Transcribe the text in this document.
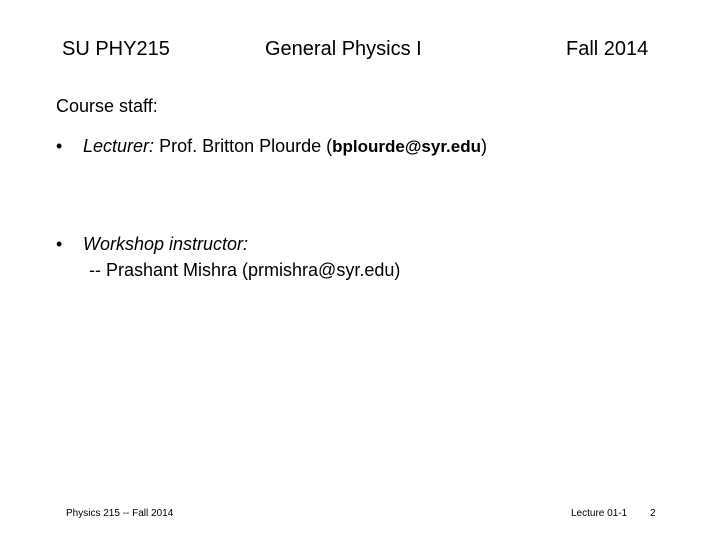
SU PHY215	General Physics I	Fall 2014
Course staff:
•	Lecturer: Prof. Britton Plourde (bplourde@syr.edu)
•	Workshop instructor:
-- Prashant Mishra (prmishra@syr.edu)
Physics 215 -- Fall 2014	Lecture 01-1 2
